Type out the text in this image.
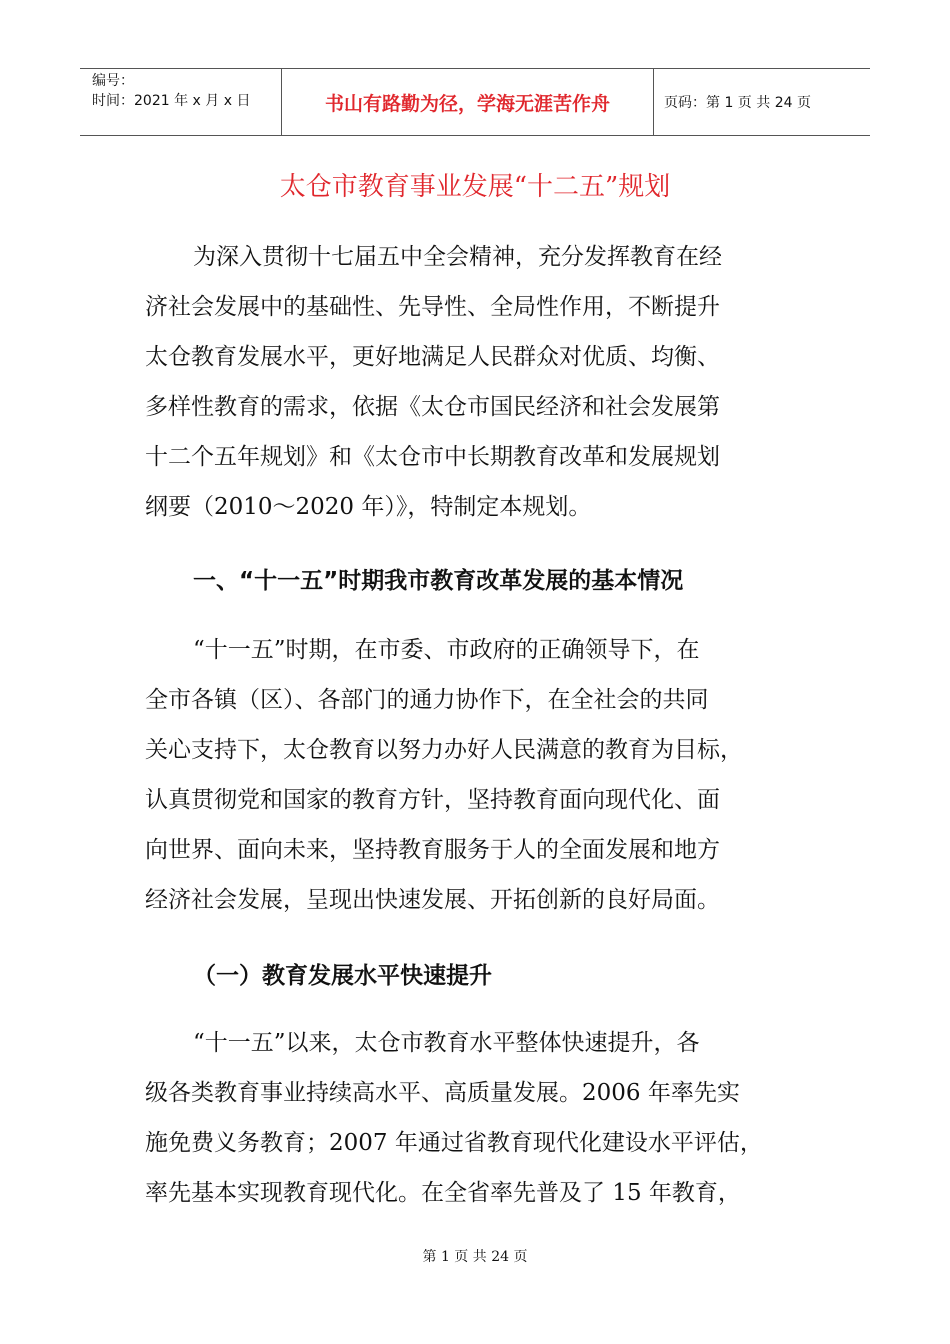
编号：
时间：2021 年 x 月 x 日	书山有路勤为径，学海无涯苦作舟	页码：第 1 页 共 24 页
太仓市教育事业发展“十二五”规划
为深入贯彻十七届五中全会精神，充分发挥教育在经
济社会发展中的基础性、先导性、全局性作用，不断提升
太仓教育发展水平，更好地满足人民群众对优质、均衡、
多样性教育的需求，依据《太仓市国民经济和社会发展第
十二个五年规划》和《太仓市中长期教育改革和发展规划
纲要（2010～2020 年）》，特制定本规划。
一、“十一五”时期我市教育改革发展的基本情况
“十一五”时期，在市委、市政府的正确领导下，在
全市各镇（区）、各部门的通力协作下，在全社会的共同
关心支持下，太仓教育以努力办好人民满意的教育为目标，
认真贯彻党和国家的教育方针，坚持教育面向现代化、面
向世界、面向未来，坚持教育服务于人的全面发展和地方
经济社会发展，呈现出快速发展、开拓创新的良好局面。
（一）教育发展水平快速提升
“十一五”以来，太仓市教育水平整体快速提升，各
级各类教育事业持续高水平、高质量发展。2006 年率先实
施免费义务教育；2007 年通过省教育现代化建设水平评估，
率先基本实现教育现代化。在全省率先普及了 15 年教育，
第 1 页 共 24 页
